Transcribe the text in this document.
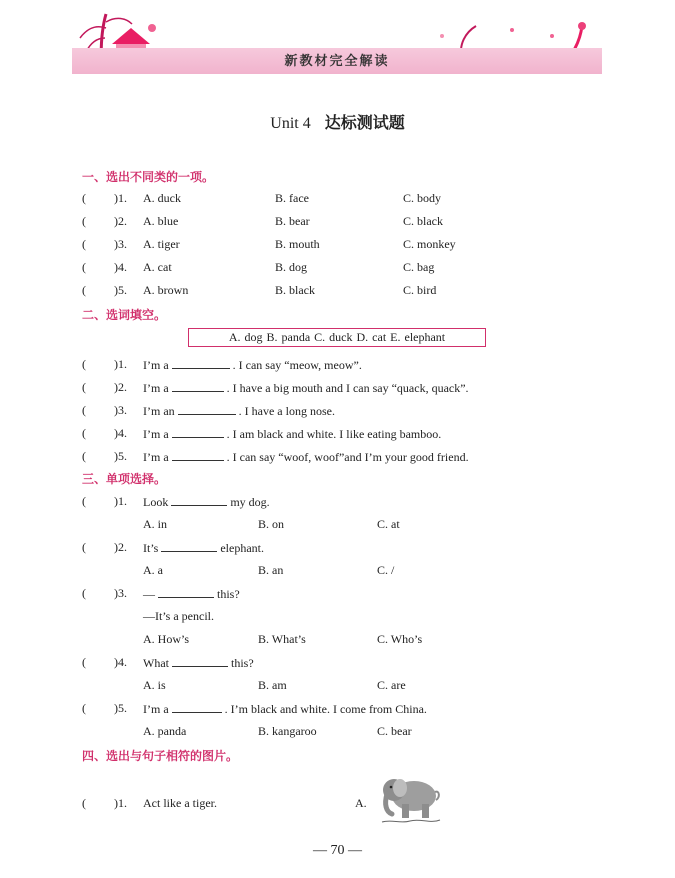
新教材完全解读
Unit 4 达标测试题
一、选出不同类的一项。
( ) 1. A. duck	B. face	C. body
( ) 2. A. blue	B. bear	C. black
( ) 3. A. tiger	B. mouth	C. monkey
( ) 4. A. cat	B. dog	C. bag
( ) 5. A. brown	B. black	C. bird
二、选词填空。
A. dog B. panda C. duck D. cat E. elephant
( ) 1. I’m a	. I can say “meow, meow”.
( ) 2. I’m a	. I have a big mouth and I can say “quack, quack”.
( ) 3. I’m an	. I have a long nose.
( ) 4. I’m a	. I am black and white. I like eating bamboo.
( ) 5. I’m a	. I can say “woof, woof”and I’m your good friend.
三、单项选择。
( ) 1. Look	my dog.
A. in	B. on	C. at
( ) 2. It’s	elephant.
A. a	B. an	C. /
( ) 3. —	this?
—It’s a pencil.
A. How’s	B. What’s	C. Who’s
( ) 4. What	this?
A. is	B. am	C. are
( ) 5. I’m a	. I’m black and white. I come from China.
A. panda	B. kangaroo	C. bear
四、选出与句子相符的图片。
( ) 1. Act like a tiger.	A.
— 70 —
